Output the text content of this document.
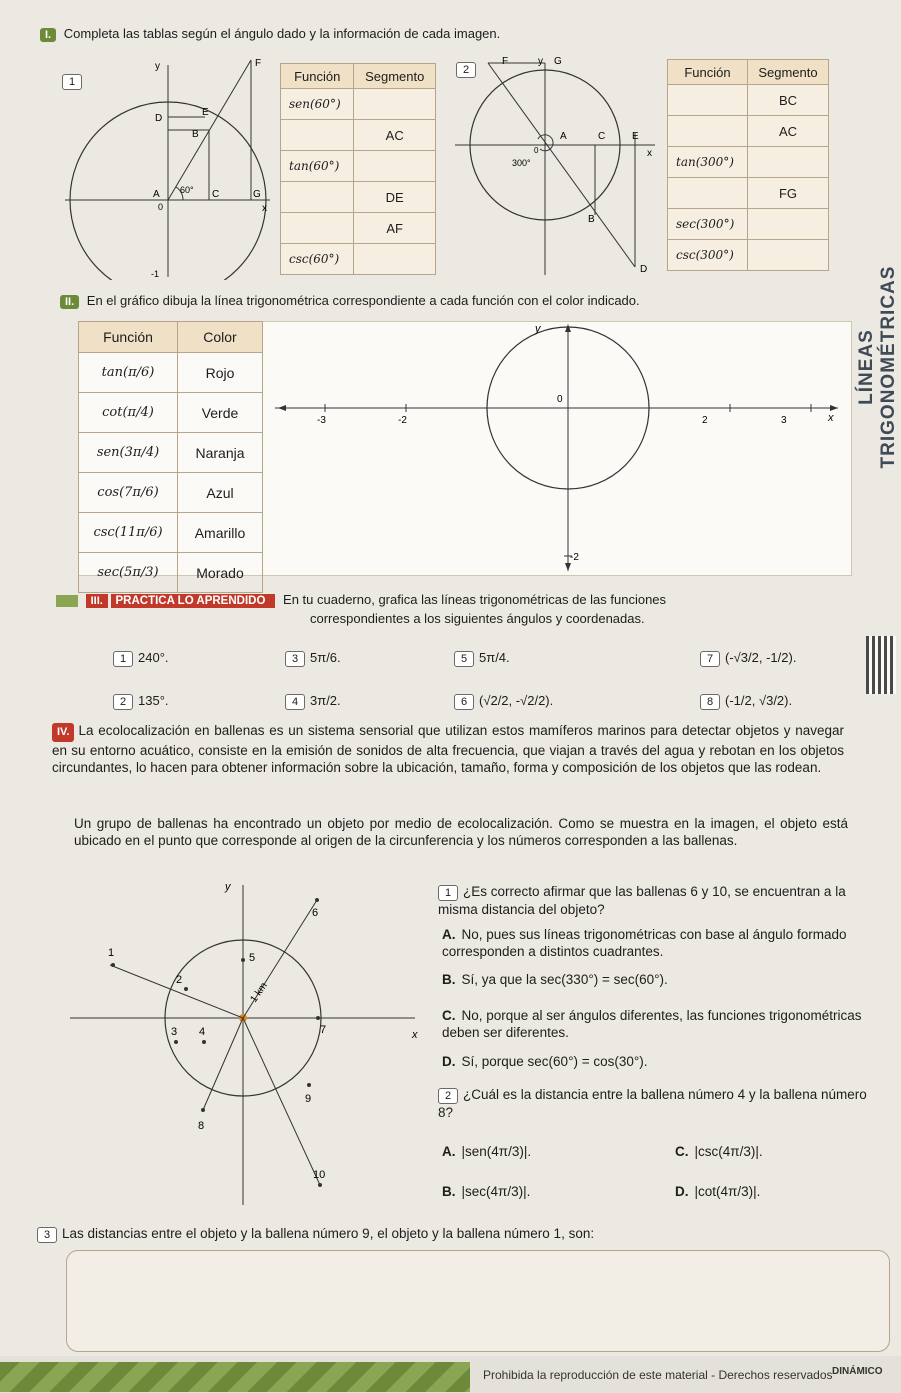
I. Completa las tablas según el ángulo dado y la información de cada imagen.
y	F
D
E
B
A	C	G
0
60°
x
-1
1	Función	Segmento
sen(60°)	
	AC
tan(60°)	
	DE
	AF
csc(60°)	
F	y G
A	C	E
x
300°
0
B
D
2	Función	Segmento
	BC
	AC
tan(300°)	
	FG
sec(300°)	
csc(300°)	
LÍNEAS TRIGONOMÉTRICAS
II. En el gráfico dibuja la línea trigonométrica correspondiente a cada función con el color indicado.
Función	Color
tan(π/6)	Rojo
cot(π/4)	Verde
sen(3π/4)	Naranja
cos(7π/6)	Azul
csc(11π/6)	Amarillo
sec(5π/3)	Morado
y
x
0
-3	-2	2	3
-2
III. PRACTICA LO APRENDIDO En tu cuaderno, grafica las líneas trigonométricas de las funciones
correspondientes a los siguientes ángulos y coordenadas.
1 240°.
2 135°.
3 5π/6.
4 3π/2.
5 5π/4.
6 (√2/2, -√2/2).
7 (-√3/2, -1/2).
8 (-1/2, √3/2).
IV. La ecolocalización en ballenas es un sistema sensorial que utilizan estos mamíferos marinos para detectar objetos y navegar en su entorno acuático, consiste en la emisión de sonidos de alta frecuencia, que viajan a través del agua y rebotan en los objetos circundantes, lo hacen para obtener información sobre la ubicación, tamaño, forma y composición de los objetos que las rodean.
Un grupo de ballenas ha encontrado un objeto por medio de ecolocalización. Como se muestra en la imagen, el objeto está ubicado en el punto que corresponde al origen de la circunferencia y los números corresponden a las ballenas.
y
x
1 km
1
2
3 4
5
6
7
8
9
10
1 ¿Es correcto afirmar que las ballenas 6 y 10, se encuentran a la misma distancia del objeto?
A. No, pues sus líneas trigonométricas con base al ángulo formado corresponden a distintos cuadrantes.
B. Sí, ya que la sec(330°) = sec(60°).
C. No, porque al ser ángulos diferentes, las funciones trigonométricas deben ser diferentes.
D. Sí, porque sec(60°) = cos(30°).
2 ¿Cuál es la distancia entre la ballena número 4 y la ballena número 8?
A. |sen(4π/3)|.
B. |sec(4π/3)|.
C. |csc(4π/3)|.
D. |cot(4π/3)|.
3 Las distancias entre el objeto y la ballena número 9, el objeto y la ballena número 1, son:
Prohibida la reproducción de este material - Derechos reservados DINÁMICO
